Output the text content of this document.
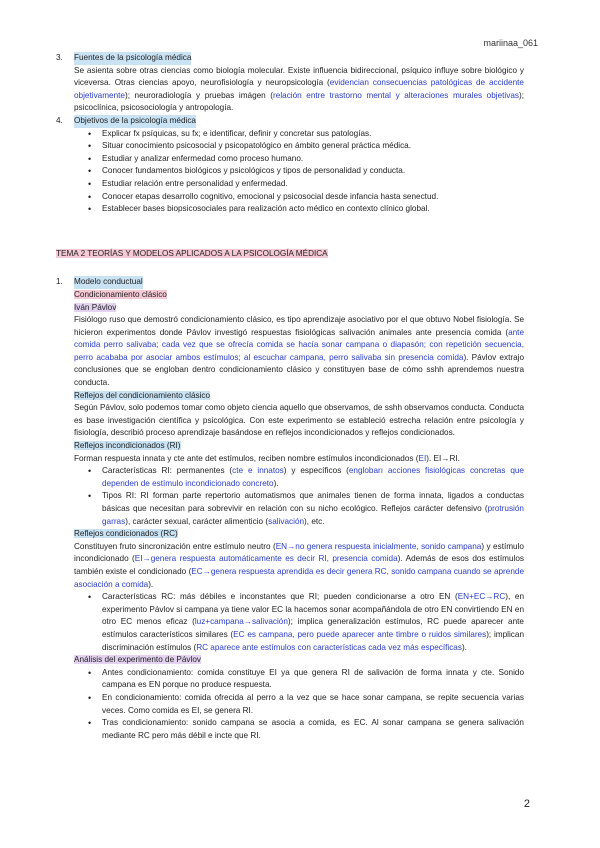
mariinaa_061
3.	Fuentes de la psicología médica
Se asienta sobre otras ciencias como biología molecular. Existe influencia bidireccional, psíquico influye sobre biológico y viceversa. Otras ciencias apoyo, neurofisiología y neuropsicología (evidencian consecuencias patológicas de accidente objetivamente); neuroradiología y pruebas imágen (relación entre trastorno mental y alteraciones murales objetivas); psicoclínica, psicosociología y antropología.
4.	Objetivos de la psicología médica
• Explicar fx psíquicas, su fx; e identificar, definir y concretar sus patologías.
• Situar conocimiento psicosocial y psicopatológico en ámbito general práctica médica.
• Estudiar y analizar enfermedad como proceso humano.
• Conocer fundamentos biológicos y psicológicos y tipos de personalidad y conducta.
• Estudiar relación entre personalidad y enfermedad.
• Conocer etapas desarrollo cognitivo, emocional y psicosocial desde infancia hasta senectud.
• Establecer bases biopsicosociales para realización acto médico en contexto clínico global.
TEMA 2 TEORÍAS Y MODELOS APLICADOS A LA PSICOLOGÍA MÉDICA
1.	Modelo conductual
Condicionamiento clásico
Iván Pávlov
Fisiólogo ruso que demostró condicionamiento clásico, es tipo aprendizaje asociativo por el que obtuvo Nobel fisiología. Se hicieron experimentos donde Pávlov investigó respuestas fisiológicas salivación animales ante presencia comida (ante comida perro salivaba; cada vez que se ofrecía comida se hacía sonar campana o diapasón; con repetición secuencia, perro acababa por asociar ambos estímulos; al escuchar campana, perro salivaba sin presencia comida). Pávlov extrajo conclusiones que se engloban dentro condicionamiento clásico y constituyen base de cómo sshh aprendemos nuestra conducta.
Reflejos del condicionamiento clásico
Según Pávlov, solo podemos tomar como objeto ciencia aquello que observamos, de sshh observamos conducta. Conducta es base investigación científica y psicológica. Con este experimento se estableció estrecha relación entre psicología y fisiología, describió proceso aprendizaje basándose en reflejos incondicionados y reflejos condicionados.
Reflejos incondicionados (RI)
Forman respuesta innata y cte ante det estímulos, reciben nombre estímulos incondicionados (EI). EI→RI.
• Características RI: permanentes (cte e innatos) y específicos (englobarı acciones fisiológicas concretas que dependen de estímulo incondicionado concreto).
• Tipos RI: RI forman parte repertorio automatismos que animales tienen de forma innata, ligados a conductas básicas que necesitan para sobrevivir en relación con su nicho ecológico. Reflejos carácter defensivo (protrusión garras), carácter sexual, carácter alimenticio (salivación), etc.
Reflejos condicionados (RC)
Constituyen fruto sincronización entre estímulo neutro (EN→no genera respuesta inicialmente, sonido campana) y estímulo incondicionado (EI→genera respuesta automáticamente es decir RI, presencia comida). Además de esos dos estímulos también existe el condicionado (EC→genera respuesta aprendida es decir genera RC, sonido campana cuando se aprende asociación a comida).
• Características RC: más débiles e inconstantes que RI; pueden condicionarse a otro EN (EN+EC→RC), en experimento Pávlov si campana ya tiene valor EC la hacemos sonar acompañándola de otro EN convirtiendo EN en otro EC menos eficaz (luz+campana→salivación); implica generalización estímulos, RC puede aparecer ante estímulos característicos similares (EC es campana, pero puede aparecer ante timbre o ruidos similares); implican discriminación estímulos (RC aparece ante estímulos con características cada vez más específicas).
Análisis del experimento de Pávlov
• Antes condicionamiento: comida constituye EI ya que genera RI de salivación de forma innata y cte. Sonido campana es EN porque no produce respuesta.
• En condicionamiento: comida ofrecida al perro a la vez que se hace sonar campana, se repite secuencia varias veces. Como comida es EI, se genera RI.
• Tras condicionamiento: sonido campana se asocia a comida, es EC. Al sonar campana se genera salivación mediante RC pero más débil e incte que RI.
2
